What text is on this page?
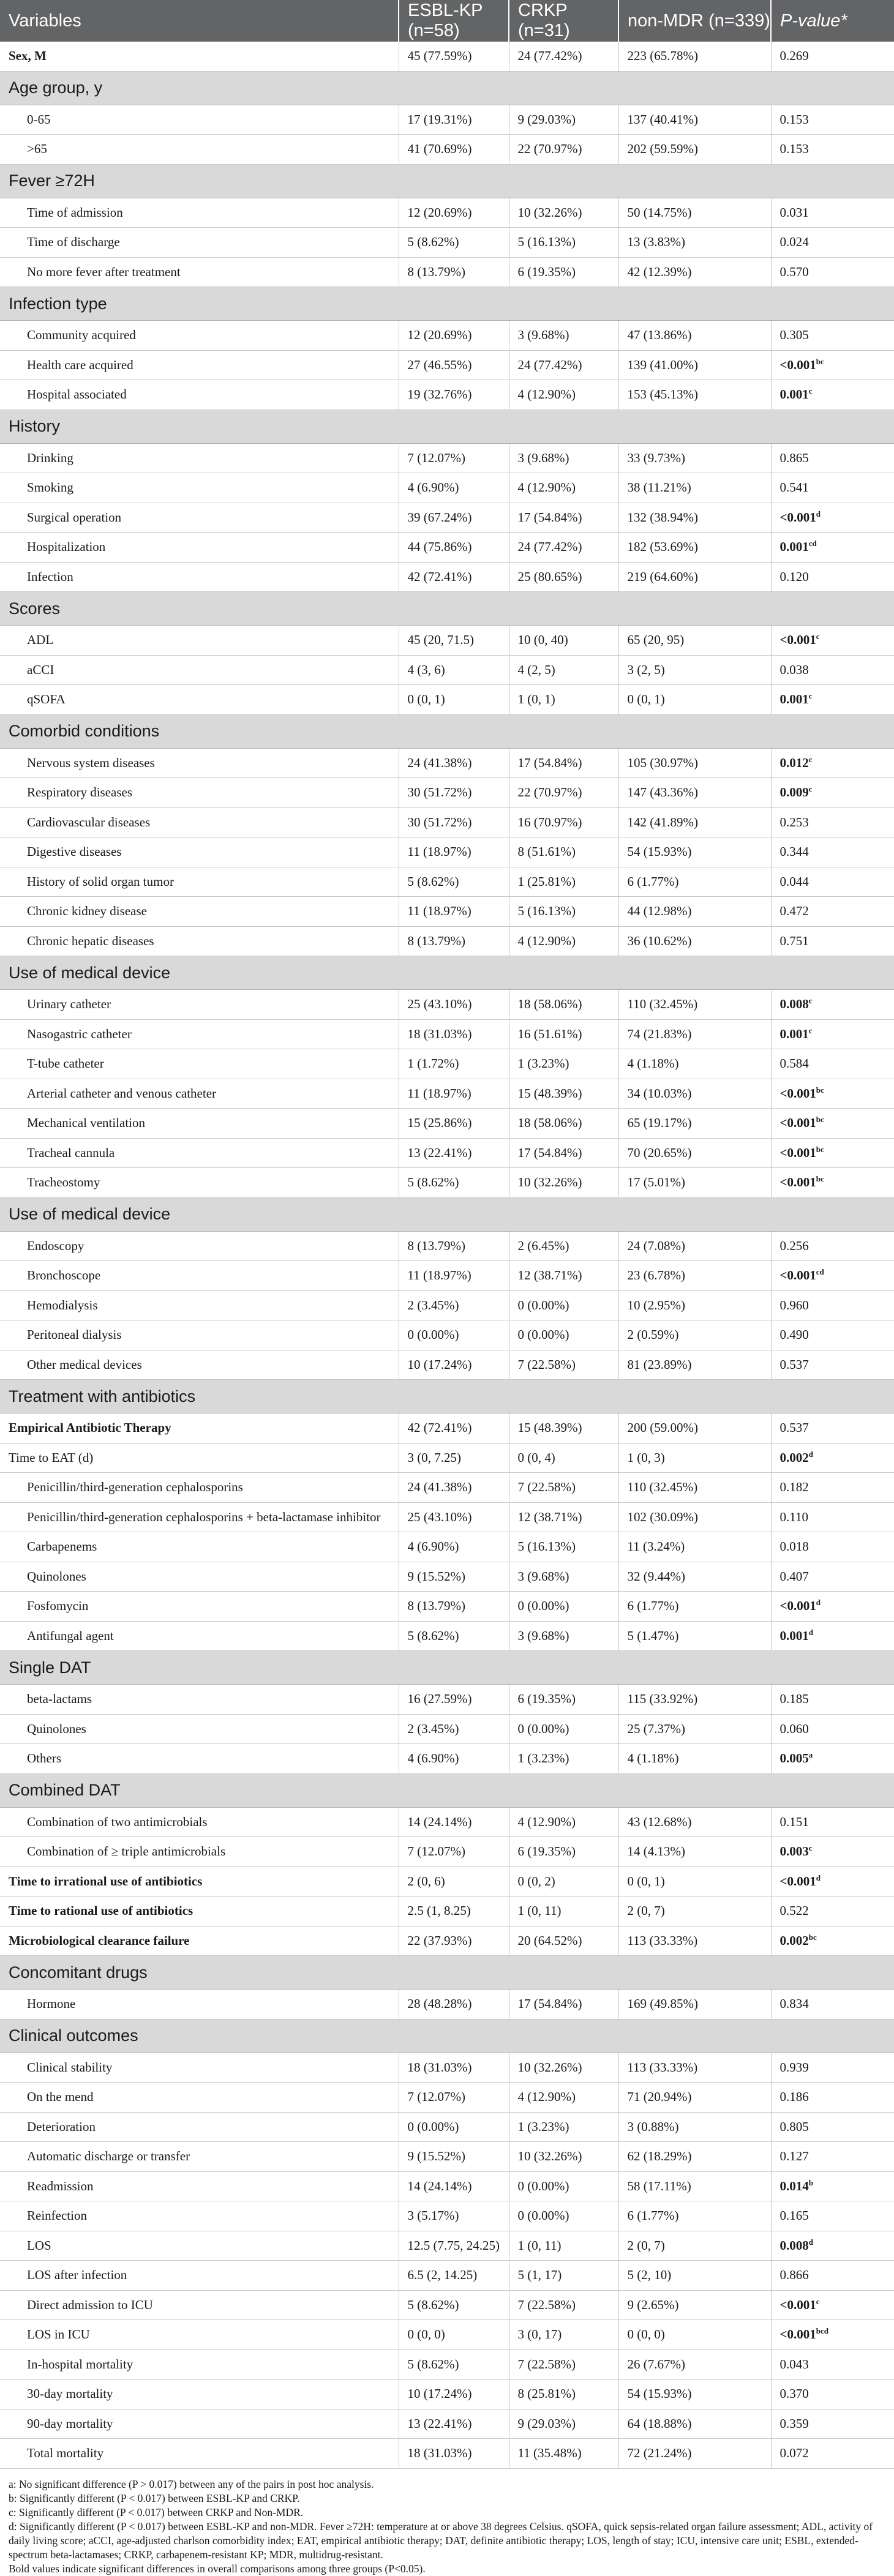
Variables	ESBL-KP (n=58)	CRKP (n=31)	non-MDR (n=339)	P-value*
Sex, M	45 (77.59%)	24 (77.42%)	223 (65.78%)	0.269
Age group, y				
0-65	17 (19.31%)	9 (29.03%)	137 (40.41%)	0.153
>65	41 (70.69%)	22 (70.97%)	202 (59.59%)	0.153
Fever ≥72H				
Time of admission	12 (20.69%)	10 (32.26%)	50 (14.75%)	0.031
Time of discharge	5 (8.62%)	5 (16.13%)	13 (3.83%)	0.024
No more fever after treatment	8 (13.79%)	6 (19.35%)	42 (12.39%)	0.570
Infection type				
Community acquired	12 (20.69%)	3 (9.68%)	47 (13.86%)	0.305
Health care acquired	27 (46.55%)	24 (77.42%)	139 (41.00%)	<0.001$^{bc}$
Hospital associated	19 (32.76%)	4 (12.90%)	153 (45.13%)	0.001$^c$
History				
Drinking	7 (12.07%)	3 (9.68%)	33 (9.73%)	0.865
Smoking	4 (6.90%)	4 (12.90%)	38 (11.21%)	0.541
Surgical operation	39 (67.24%)	17 (54.84%)	132 (38.94%)	<0.001$^d$
Hospitalization	44 (75.86%)	24 (77.42%)	182 (53.69%)	0.001$^{cd}$
Infection	42 (72.41%)	25 (80.65%)	219 (64.60%)	0.120
Scores				
ADL	45 (20, 71.5)	10 (0, 40)	65 (20, 95)	<0.001$^c$
aCCI	4 (3, 6)	4 (2, 5)	3 (2, 5)	0.038
qSOFA	0 (0, 1)	1 (0, 1)	0 (0, 1)	0.001$^c$
Comorbid conditions				
Nervous system diseases	24 (41.38%)	17 (54.84%)	105 (30.97%)	0.012$^c$
Respiratory diseases	30 (51.72%)	22 (70.97%)	147 (43.36%)	0.009$^c$
Cardiovascular diseases	30 (51.72%)	16 (70.97%)	142 (41.89%)	0.253
Digestive diseases	11 (18.97%)	8 (51.61%)	54 (15.93%)	0.344
History of solid organ tumor	5 (8.62%)	1 (25.81%)	6 (1.77%)	0.044
Chronic kidney disease	11 (18.97%)	5 (16.13%)	44 (12.98%)	0.472
Chronic hepatic diseases	8 (13.79%)	4 (12.90%)	36 (10.62%)	0.751
Use of medical device				
Urinary catheter	25 (43.10%)	18 (58.06%)	110 (32.45%)	0.008$^c$
Nasogastric catheter	18 (31.03%)	16 (51.61%)	74 (21.83%)	0.001$^c$
T-tube catheter	1 (1.72%)	1 (3.23%)	4 (1.18%)	0.584
Arterial catheter and venous catheter	11 (18.97%)	15 (48.39%)	34 (10.03%)	<0.001$^{bc}$
Mechanical ventilation	15 (25.86%)	18 (58.06%)	65 (19.17%)	<0.001$^{bc}$
Tracheal cannula	13 (22.41%)	17 (54.84%)	70 (20.65%)	<0.001$^{bc}$
Tracheostomy	5 (8.62%)	10 (32.26%)	17 (5.01%)	<0.001$^{bc}$
Use of medical device				
Endoscopy	8 (13.79%)	2 (6.45%)	24 (7.08%)	0.256
Bronchoscope	11 (18.97%)	12 (38.71%)	23 (6.78%)	<0.001$^{cd}$
Hemodialysis	2 (3.45%)	0 (0.00%)	10 (2.95%)	0.960
Peritoneal dialysis	0 (0.00%)	0 (0.00%)	2 (0.59%)	0.490
Other medical devices	10 (17.24%)	7 (22.58%)	81 (23.89%)	0.537
Treatment with antibiotics				
Empirical Antibiotic Therapy	42 (72.41%)	15 (48.39%)	200 (59.00%)	0.537
Time to EAT (d)	3 (0, 7.25)	0 (0, 4)	1 (0, 3)	0.002$^d$
Penicillin/third-generation cephalosporins	24 (41.38%)	7 (22.58%)	110 (32.45%)	0.182
Penicillin/third-generation cephalosporins + beta-lactamase inhibitor	25 (43.10%)	12 (38.71%)	102 (30.09%)	0.110
Carbapenems	4 (6.90%)	5 (16.13%)	11 (3.24%)	0.018
Quinolones	9 (15.52%)	3 (9.68%)	32 (9.44%)	0.407
Fosfomycin	8 (13.79%)	0 (0.00%)	6 (1.77%)	<0.001$^d$
Antifungal agent	5 (8.62%)	3 (9.68%)	5 (1.47%)	0.001$^d$
Single DAT				
beta-lactams	16 (27.59%)	6 (19.35%)	115 (33.92%)	0.185
Quinolones	2 (3.45%)	0 (0.00%)	25 (7.37%)	0.060
Others	4 (6.90%)	1 (3.23%)	4 (1.18%)	0.005$^a$
Combined DAT				
Combination of two antimicrobials	14 (24.14%)	4 (12.90%)	43 (12.68%)	0.151
Combination of ≥ triple antimicrobials	7 (12.07%)	6 (19.35%)	14 (4.13%)	0.003$^c$
Time to irrational use of antibiotics	2 (0, 6)	0 (0, 2)	0 (0, 1)	<0.001$^d$
Time to rational use of antibiotics	2.5 (1, 8.25)	1 (0, 11)	2 (0, 7)	0.522
Microbiological clearance failure	22 (37.93%)	20 (64.52%)	113 (33.33%)	0.002$^{bc}$
Concomitant drugs				
Hormone	28 (48.28%)	17 (54.84%)	169 (49.85%)	0.834
Clinical outcomes				
Clinical stability	18 (31.03%)	10 (32.26%)	113 (33.33%)	0.939
On the mend	7 (12.07%)	4 (12.90%)	71 (20.94%)	0.186
Deterioration	0 (0.00%)	1 (3.23%)	3 (0.88%)	0.805
Automatic discharge or transfer	9 (15.52%)	10 (32.26%)	62 (18.29%)	0.127
Readmission	14 (24.14%)	0 (0.00%)	58 (17.11%)	0.014$^b$
Reinfection	3 (5.17%)	0 (0.00%)	6 (1.77%)	0.165
LOS	12.5 (7.75, 24.25)	1 (0, 11)	2 (0, 7)	0.008$^d$
LOS after infection	6.5 (2, 14.25)	5 (1, 17)	5 (2, 10)	0.866
Direct admission to ICU	5 (8.62%)	7 (22.58%)	9 (2.65%)	<0.001$^c$
LOS in ICU	0 (0, 0)	3 (0, 17)	0 (0, 0)	<0.001$^{bcd}$
In-hospital mortality	5 (8.62%)	7 (22.58%)	26 (7.67%)	0.043
30-day mortality	10 (17.24%)	8 (25.81%)	54 (15.93%)	0.370
90-day mortality	13 (22.41%)	9 (29.03%)	64 (18.88%)	0.359
Total mortality	18 (31.03%)	11 (35.48%)	72 (21.24%)	0.072

a: No significant difference (P > 0.017) between any of the pairs in post hoc analysis.

b: Significantly different (P < 0.017) between ESBL-KP and CRKP.

c: Significantly different (P < 0.017) between CRKP and Non-MDR.

d: Significantly different (P < 0.017) between ESBL-KP and non-MDR. Fever ≥72H: temperature at or above 38 degrees Celsius. qSOFA, quick sepsis-related organ failure assessment; ADL, activity of daily living score; aCCI, age-adjusted charlson comorbidity index; EAT, empirical antibiotic therapy; DAT, definite antibiotic therapy; LOS, length of stay; ICU, intensive care unit; ESBL, extended-spectrum beta-lactamases; CRKP, carbapenem-resistant KP; MDR, multidrug-resistant.

Bold values indicate significant differences in overall comparisons among three groups (P<0.05).
